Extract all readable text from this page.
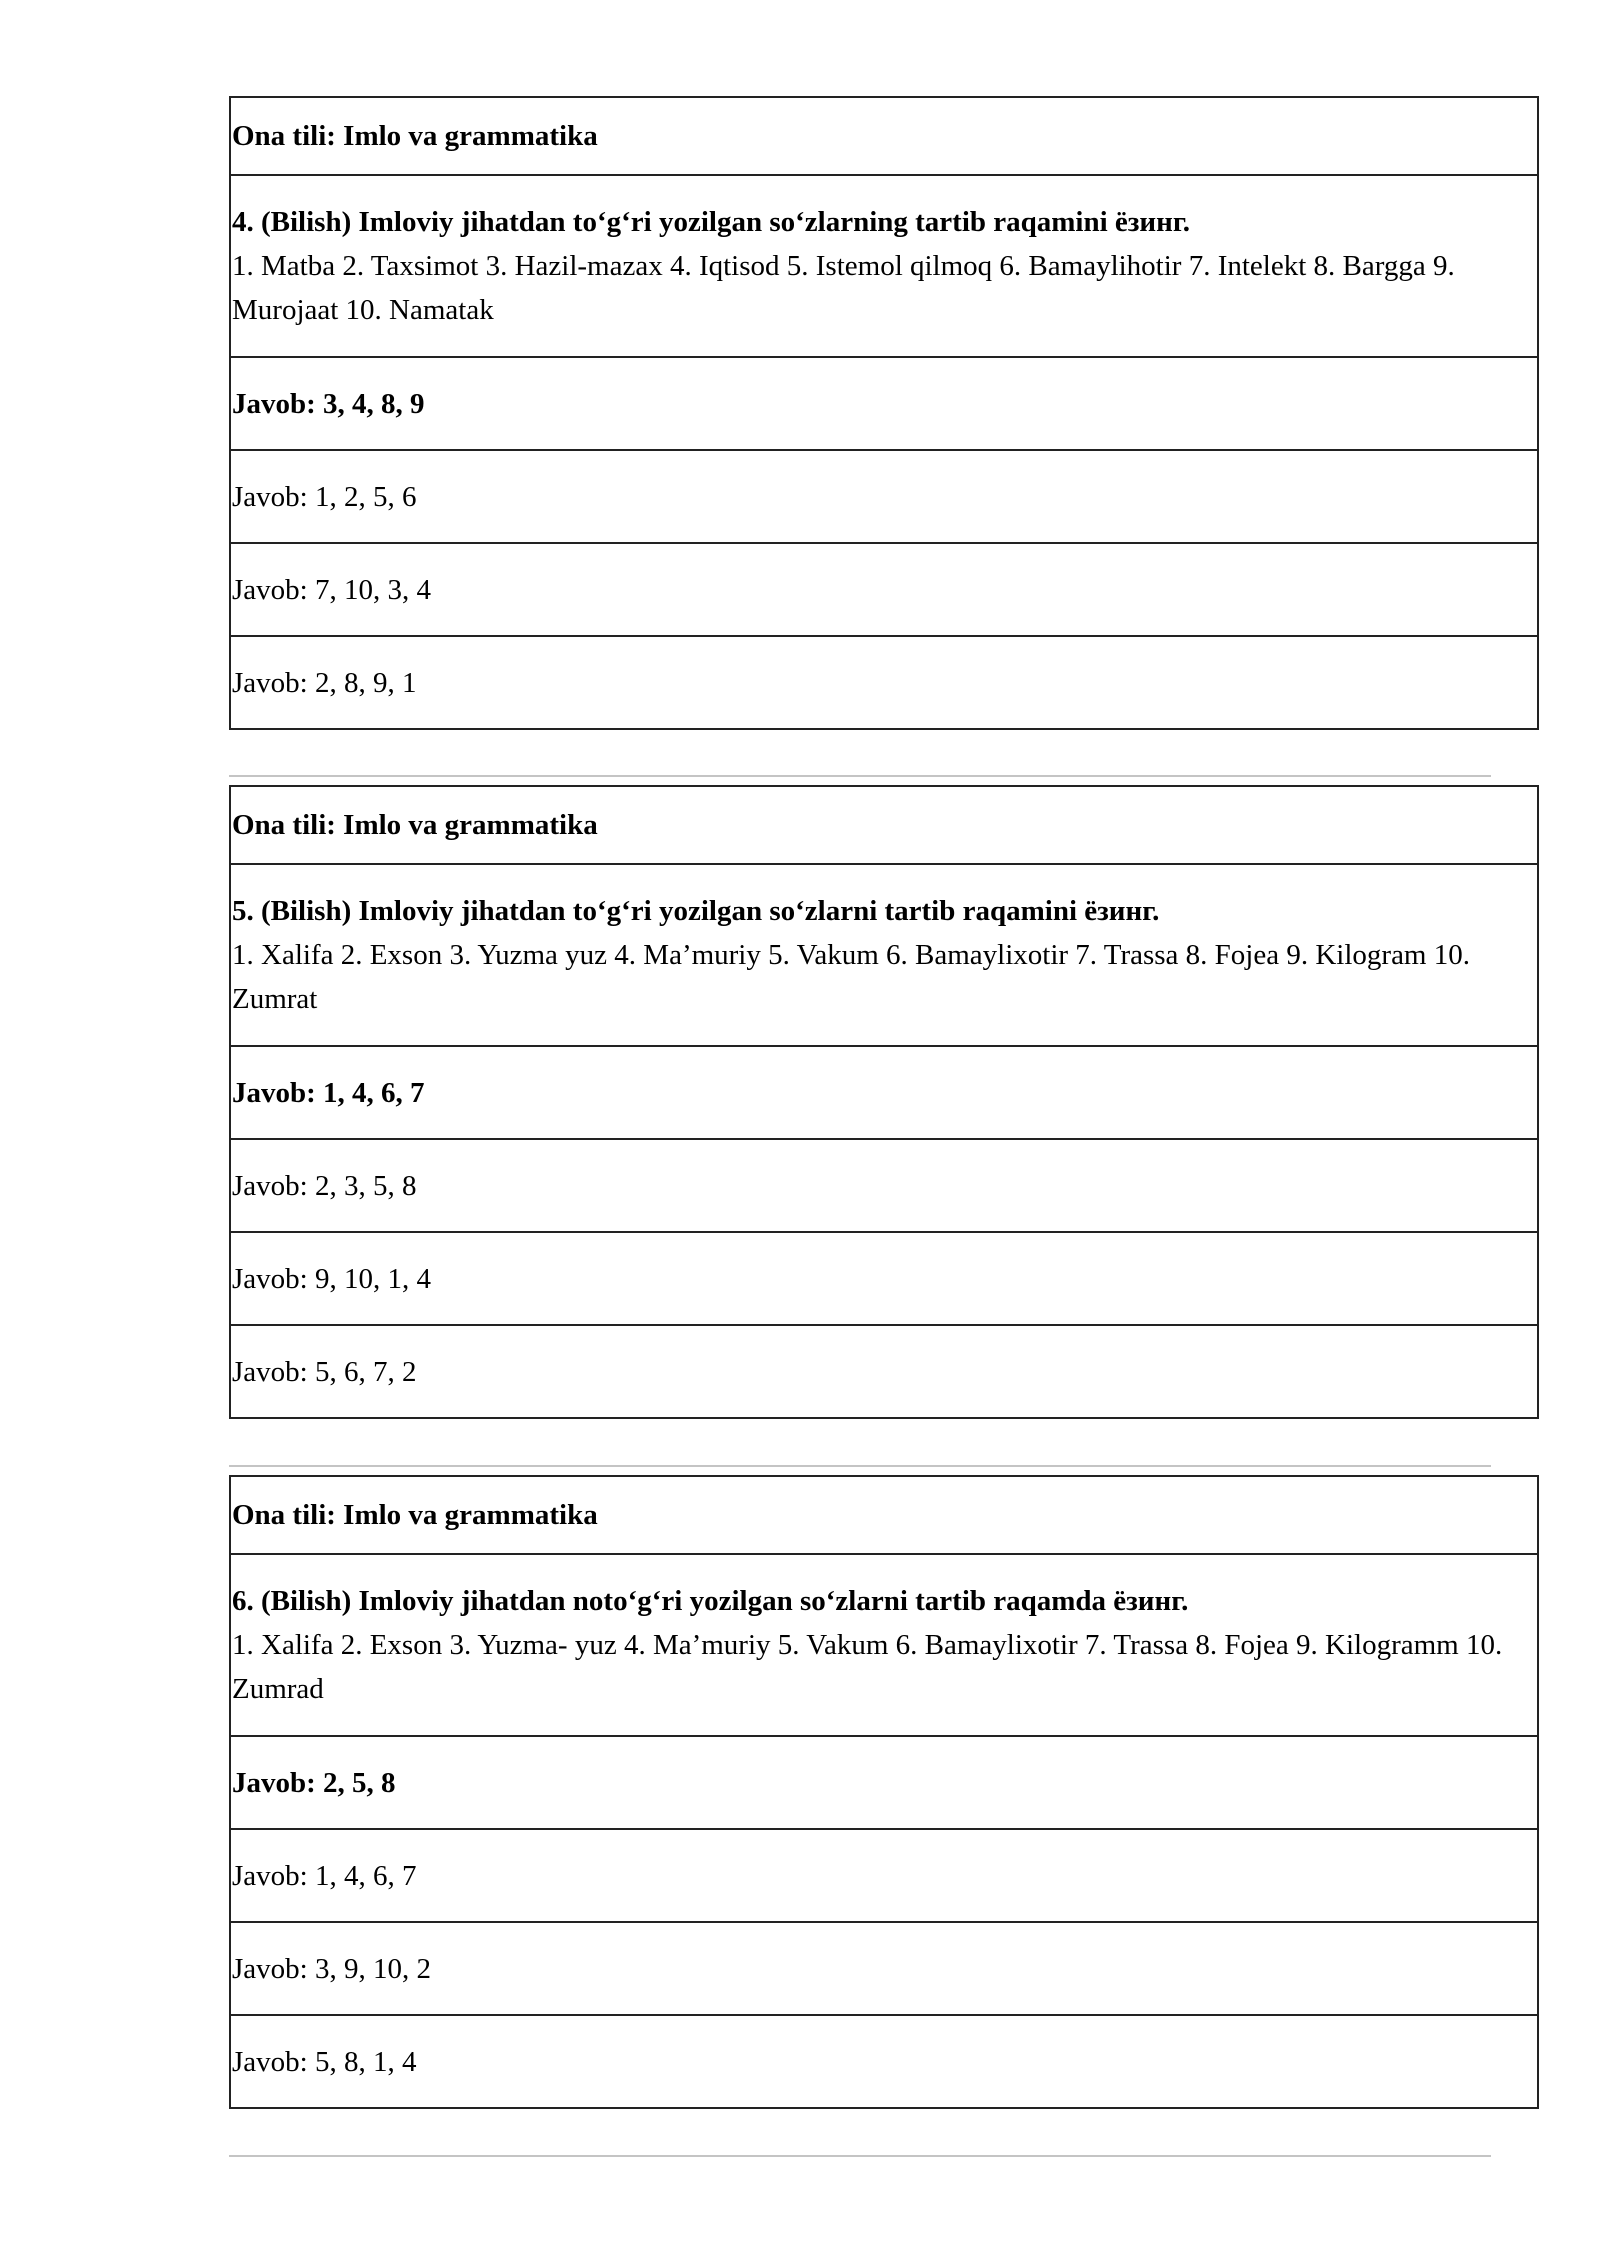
Ona tili: Imlo va grammatika

4. (Bilish) Imloviy jihatdan to‘g‘ri yozilgan so‘zlarning tartib raqamini ёзинг.
1. Matba 2. Taxsimot 3. Hazil-mazax 4. Iqtisod 5. Istemol qilmoq 6. Bamaylihotir 7. Intelekt 8. Bargga 9. Murojaat 10. Namatak

Javob: 3, 4, 8, 9
Javob: 1, 2, 5, 6
Javob: 7, 10, 3, 4
Javob: 2, 8, 9, 1
Ona tili: Imlo va grammatika

5. (Bilish) Imloviy jihatdan to‘g‘ri yozilgan so‘zlarni tartib raqamini ёзинг.
1. Xalifa 2. Exson 3. Yuzma yuz 4. Ma’muriy 5. Vakum 6. Bamaylixotir 7. Trassa 8. Fojea 9. Kilogram 10. Zumrat

Javob: 1, 4, 6, 7
Javob: 2, 3, 5, 8
Javob: 9, 10, 1, 4
Javob: 5, 6, 7, 2
Ona tili: Imlo va grammatika

6. (Bilish) Imloviy jihatdan noto‘g‘ri yozilgan so‘zlarni tartib raqamda ёзинг.
1. Xalifa 2. Exson 3. Yuzma- yuz 4. Ma’muriy 5. Vakum 6. Bamaylixotir 7. Trassa 8. Fojea 9. Kilogramm 10. Zumrad

Javob: 2, 5, 8
Javob: 1, 4, 6, 7
Javob: 3, 9, 10, 2
Javob: 5, 8, 1, 4
